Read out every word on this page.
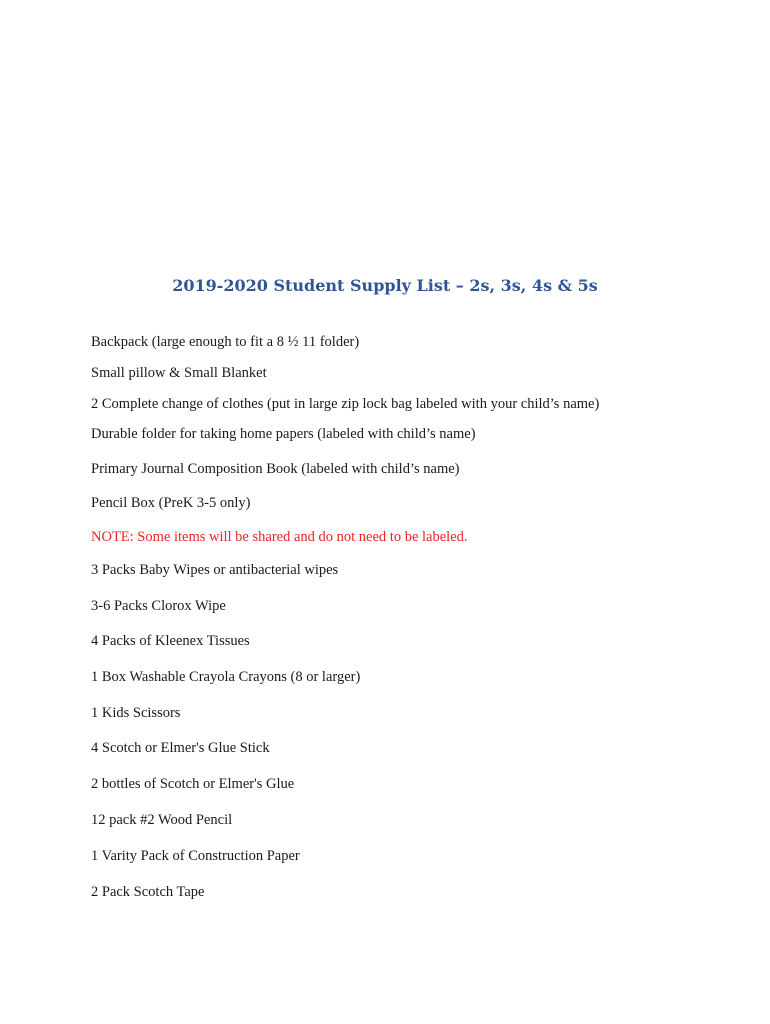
2019-2020 Student Supply List – 2s, 3s, 4s & 5s
Backpack (large enough to fit a 8 ½ 11 folder)
Small pillow & Small Blanket
2 Complete change of clothes (put in large zip lock bag labeled with your child’s name)
Durable folder for taking home papers (labeled with child’s name)
Primary Journal Composition Book (labeled with child’s name)
Pencil Box (PreK 3-5 only)
NOTE: Some items will be shared and do not need to be labeled.
3 Packs Baby Wipes or antibacterial wipes
3-6 Packs Clorox Wipe
4 Packs of Kleenex Tissues
1 Box Washable Crayola Crayons (8 or larger)
1 Kids Scissors
4 Scotch or Elmer's Glue Stick
2 bottles of Scotch or Elmer's Glue
12 pack #2 Wood Pencil
1 Varity Pack of Construction Paper
2 Pack Scotch Tape
